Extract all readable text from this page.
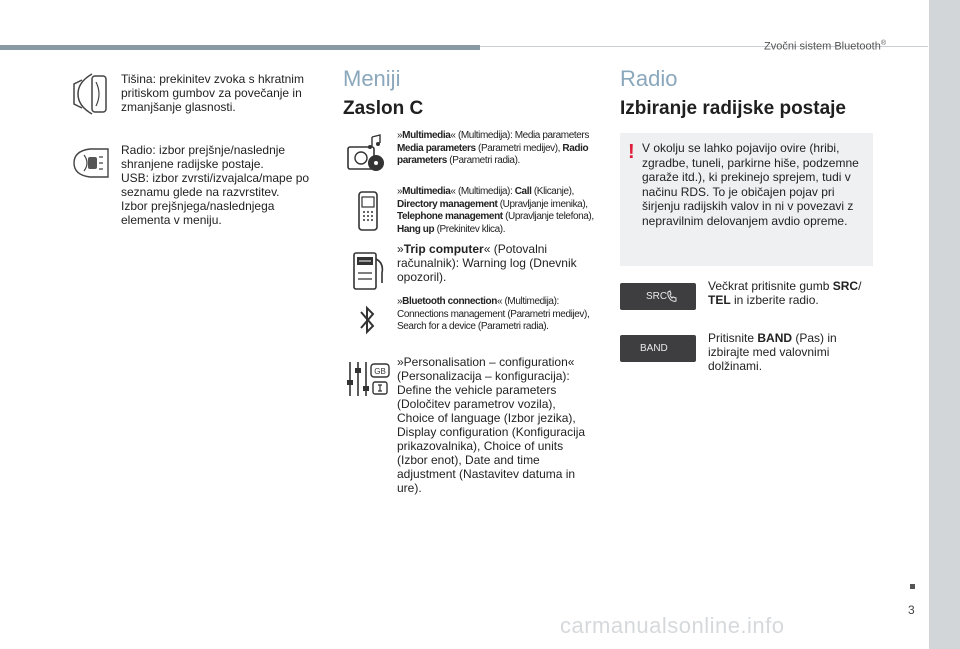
Zvočni sistem Bluetooth®
Tišina: prekinitev zvoka s hkratnim pritiskom gumbov za povečanje in zmanjšanje glasnosti.
Radio: izbor prejšnje/naslednje shranjene radijske postaje.
USB: izbor zvrsti/izvajalca/mape po seznamu glede na razvrstitev.
Izbor prejšnjega/naslednjega elementa v meniju.
Meniji
Zaslon C
»Multimedia« (Multimedija): Media parameters Media parameters (Parametri medijev), Radio parameters (Parametri radia).
»Multimedia« (Multimedija): Call (Klicanje), Directory management (Upravljanje imenika), Telephone management (Upravljanje telefona), Hang up (Prekinitev klica).
»Trip computer« (Potovalni računalnik): Warning log (Dnevnik opozoril).
»Bluetooth connection« (Multimedija): Connections management (Parametri medijev), Search for a device (Parametri radia).
GB
»Personalisation – configuration« (Personalizacija – konfiguracija): Define the vehicle parameters (Določitev parametrov vozila), Choice of language (Izbor jezika), Display configuration (Konfiguracija prikazovalnika), Choice of units (Izbor enot), Date and time adjustment (Nastavitev datuma in ure).
Radio
Izbiranje radijske postaje
! V okolju se lahko pojavijo ovire (hribi, zgradbe, tuneli, parkirne hiše, podzemne garaže itd.), ki prekinejo sprejem, tudi v načinu RDS. To je običajen pojav pri širjenju radijskih valov in ni v povezavi z nepravilnim delovanjem avdio opreme.
SRC
Večkrat pritisnite gumb SRC/ TEL in izberite radio.
BAND
Pritisnite BAND (Pas) in izbirajte med valovnimi dolžinami.
3
carmanualsonline.info
